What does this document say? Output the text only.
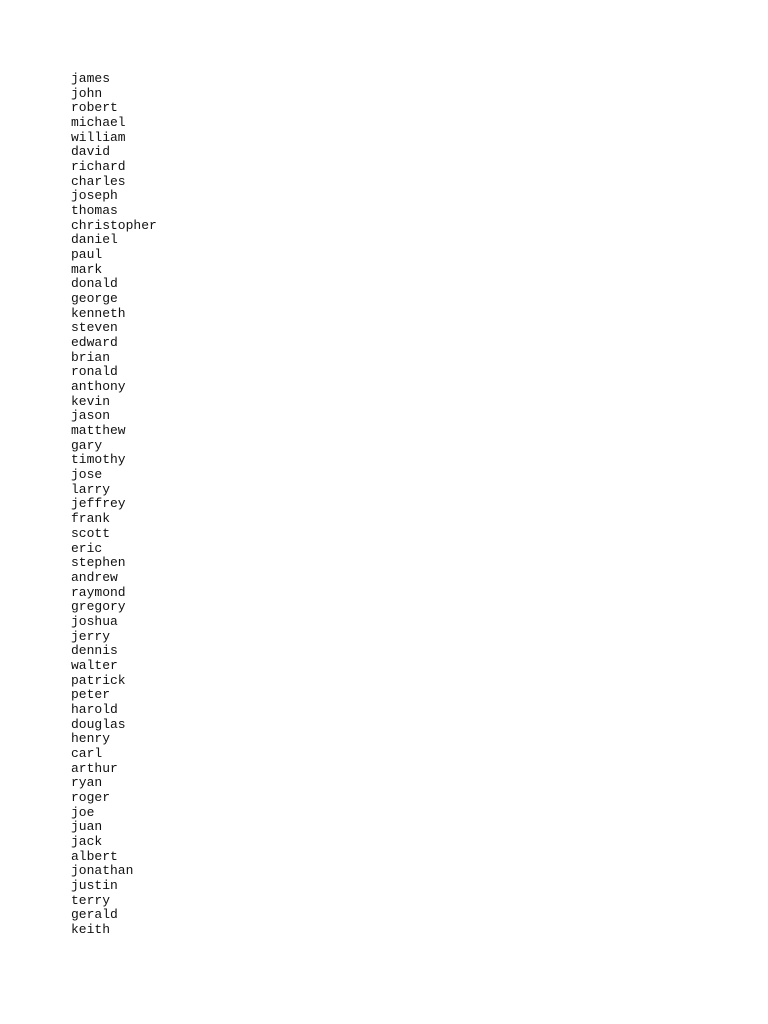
james
john
robert
michael
william
david
richard
charles
joseph
thomas
christopher
daniel
paul
mark
donald
george
kenneth
steven
edward
brian
ronald
anthony
kevin
jason
matthew
gary
timothy
jose
larry
jeffrey
frank
scott
eric
stephen
andrew
raymond
gregory
joshua
jerry
dennis
walter
patrick
peter
harold
douglas
henry
carl
arthur
ryan
roger
joe
juan
jack
albert
jonathan
justin
terry
gerald
keith
